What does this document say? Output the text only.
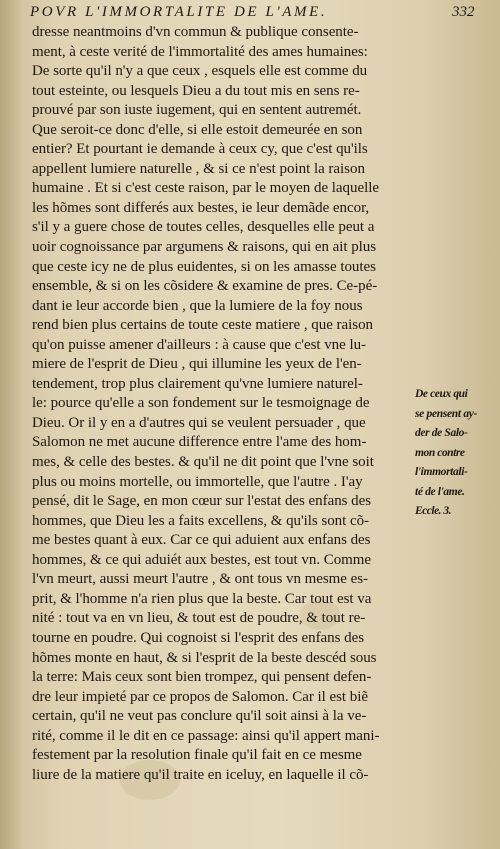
POVR L'IMMORTALITE DE L'AME.	332
dresse neantmoins d'vn commun & publique consente-
ment, à ceste verité de l'immortalité des ames humaines:
De sorte qu'il n'y a que ceux , esquels elle est comme du
tout esteinte, ou lesquels Dieu a du tout mis en sens re-
prouvé par son iuste iugement, qui en sentent autremét.
Que seroit-ce donc d'elle, si elle estoit demeurée en son
entier? Et pourtant ie demande à ceux cy, que c'est qu'ils
appellent lumiere naturelle , & si ce n'est point la raison
humaine . Et si c'est ceste raison, par le moyen de laquelle
les hõmes sont differés aux bestes, ie leur demãde encor,
s'il y a guere chose de toutes celles, desquelles elle peut a
uoir cognoissance par argumens & raisons, qui en ait plus
que ceste icy ne de plus euidentes, si on les amasse toutes
ensemble, & si on les cõsidere & examine de pres. Ce-pé-
dant ie leur accorde bien , que la lumiere de la foy nous
rend bien plus certains de toute ceste matiere , que raison
qu'on puisse amener d'ailleurs : à cause que c'est vne lu-
miere de l'esprit de Dieu , qui illumine les yeux de l'en-
tendement, trop plus clairement qu'vne lumiere naturel-
le: pource qu'elle a son fondement sur le tesmoignage de
Dieu. Or il y en a d'autres qui se veulent persuader , que
Salomon ne met aucune difference entre l'ame des hom-
mes, & celle des bestes. & qu'il ne dit point que l'vne soit
plus ou moins mortelle, ou immortelle, que l'autre . I'ay
pensé, dit le Sage, en mon cœur sur l'estat des enfans des
hommes, que Dieu les a faits excellens, & qu'ils sont cõ-
me bestes quant à eux. Car ce qui aduient aux enfans des
hommes, & ce qui aduiét aux bestes, est tout vn. Comme
l'vn meurt, aussi meurt l'autre , & ont tous vn mesme es-
prit, & l'homme n'a rien plus que la beste. Car tout est va
nité : tout va en vn lieu, & tout est de poudre, & tout re-
tourne en poudre. Qui cognoist si l'esprit des enfans des
hõmes monte en haut, & si l'esprit de la beste descéd sous
la terre: Mais ceux sont bien trompez, qui pensent defen-
dre leur impieté par ce propos de Salomon. Car il est biẽ
certain, qu'il ne veut pas conclure qu'il soit ainsi à la ve-
rité, comme il le dit en ce passage: ainsi qu'il appert mani-
festement par la resolution finale qu'il fait en ce mesme
liure de la matiere qu'il traite en iceluy, en laquelle il cõ-
De ceux qui
se pensent ay-
der de Salo-
mon contre
l'immortali-
té de l'ame.
Eccle. 3.
